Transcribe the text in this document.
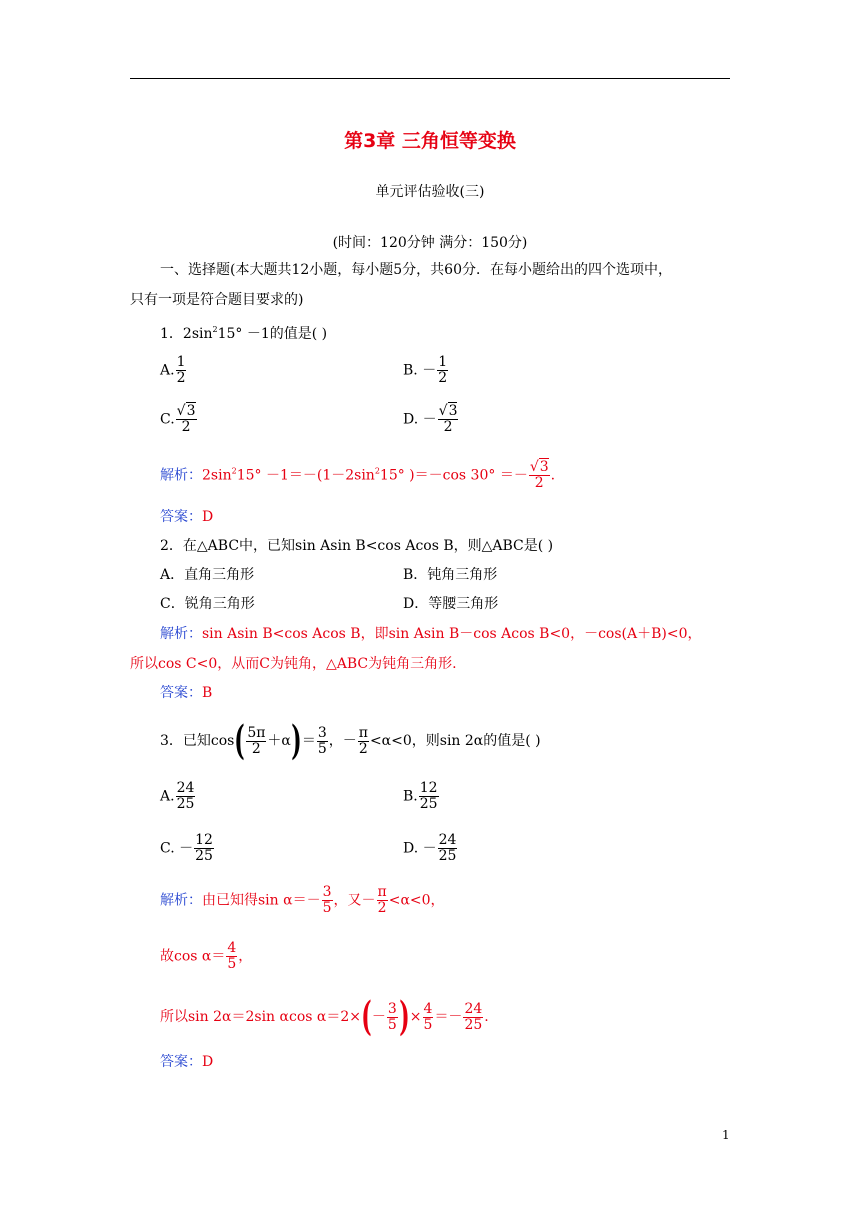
第3章 三角恒等变换
单元评估验收(三)
(时间：120分钟 满分：150分)
一、选择题(本大题共12小题，每小题5分，共60分．在每小题给出的四个选项中，
只有一项是符合题目要求的)
1．$2\sin^215^\circ -1$的值是( )
A. $\frac{1}{2}$	B. － $\frac{1}{2}$
C. $\frac{√3}{2}$	D. － $\frac{√3}{2}$
解析：$2\sin^215^\circ -1=-(1-2\sin^215^\circ$ )＝－cos $30^\circ =- \frac{√3}{2}$ .
答案：D
2．在△ABC中，已知sin Asin B<cos Acos B，则△ABC是( )
A．直角三角形	B．钝角三角形
C．锐角三角形	D．等腰三角形
解析：sin Asin B<cos Acos B，即sin Asin B－cos Acos B<0，－cos(A＋B)<0，
所以cos C<0，从而C为钝角，△ABC为钝角三角形.
答案：B
3．已知$\cos( \frac{5\pi}{2} +\alpha)= \frac{3}{5}$ ，－ $\frac{\pi}{2} <\alpha<0$，则sin 2α的值是( )
A. $\frac{24}{25}$	B. $\frac{12}{25}$
C. － $\frac{12}{25}$	D. － $\frac{24}{25}$
解析：由已知得$\sin \alpha=- \frac{3}{5}$ ，又－ $\frac{\pi}{2} <\alpha<0$，
故$\cos \alpha= \frac{4}{5}$ ，
所以sin 2α＝2sin αcos $\alpha=2\times(- \frac{3}{5}$ )× $\frac{4}{5} =- \frac{24}{25}$ .
答案：D
1
